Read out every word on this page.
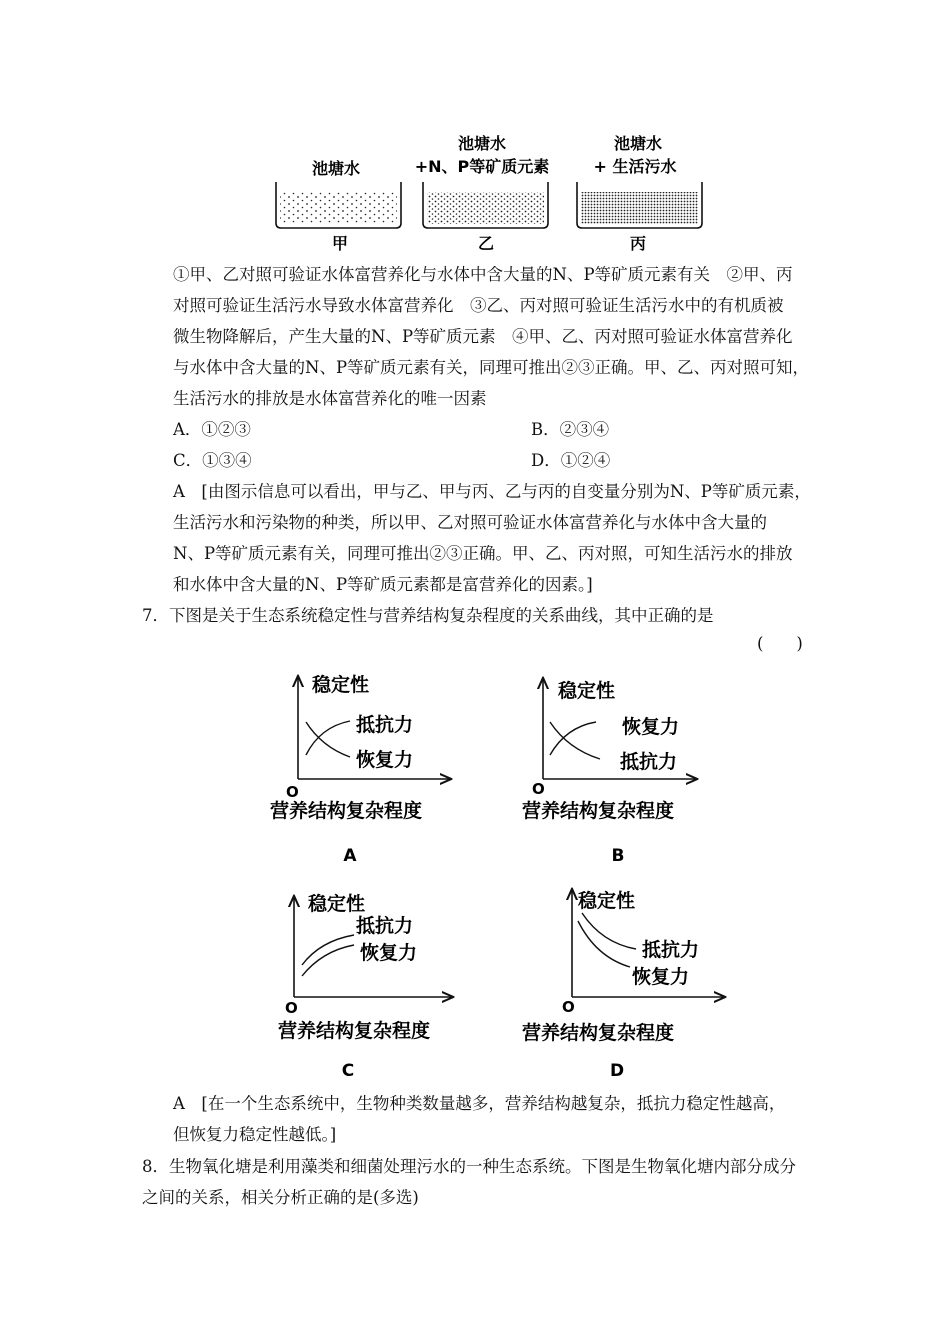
池塘水
池塘水
+N、P等矿质元素
池塘水
+ 生活污水
甲	乙	丙
①甲、乙对照可验证水体富营养化与水体中含大量的N、P等矿质元素有关　②甲、丙
对照可验证生活污水导致水体富营养化　③乙、丙对照可验证生活污水中的有机质被
微生物降解后，产生大量的N、P等矿质元素　④甲、乙、丙对照可验证水体富营养化
与水体中含大量的N、P等矿质元素有关，同理可推出②③正确。甲、乙、丙对照可知，
生活污水的排放是水体富营养化的唯一因素
A．①②③	B．②③④
C．①③④	D．①②④
A　[由图示信息可以看出，甲与乙、甲与丙、乙与丙的自变量分别为N、P等矿质元素，
生活污水和污染物的种类，所以甲、乙对照可验证水体富营养化与水体中含大量的
N、P等矿质元素有关，同理可推出②③正确。甲、乙、丙对照，可知生活污水的排放
和水体中含大量的N、P等矿质元素都是富营养化的因素。]
7．下图是关于生态系统稳定性与营养结构复杂程度的关系曲线，其中正确的是
(　　)
稳定性
抵抗力
恢复力
O
营养结构复杂程度
A
稳定性
恢复力
抵抗力
O
营养结构复杂程度
B
稳定性
抵抗力
恢复力
O
营养结构复杂程度
C
稳定性
抵抗力
恢复力
O
营养结构复杂程度
D
A　[在一个生态系统中，生物种类数量越多，营养结构越复杂，抵抗力稳定性越高，
但恢复力稳定性越低。]
8．生物氧化塘是利用藻类和细菌处理污水的一种生态系统。下图是生物氧化塘内部分成分
之间的关系，相关分析正确的是(多选)
